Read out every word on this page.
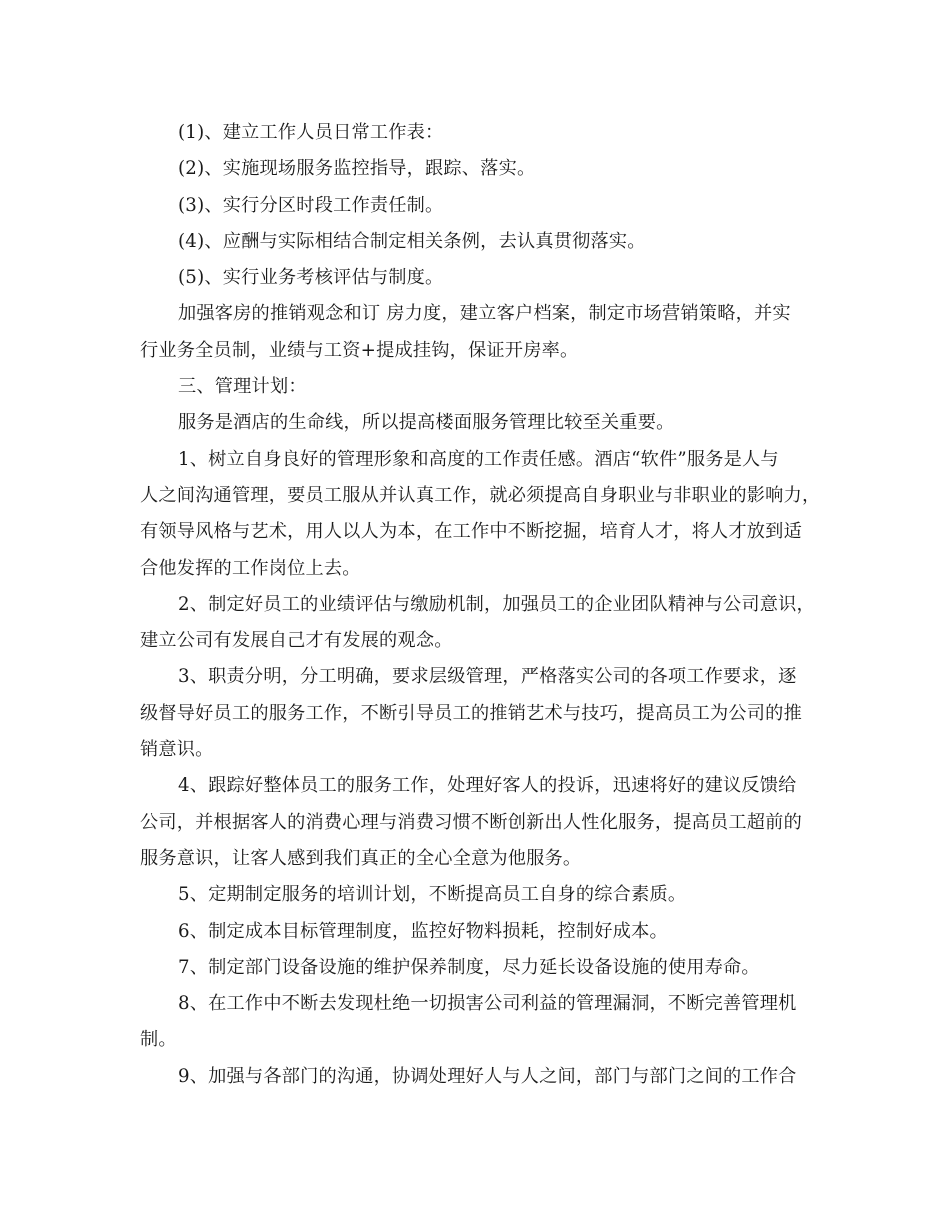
(1)、建立工作人员日常工作表：
(2)、实施现场服务监控指导，跟踪、落实。
(3)、实行分区时段工作责任制。
(4)、应酬与实际相结合制定相关条例，去认真贯彻落实。
(5)、实行业务考核评估与制度。
加强客房的推销观念和订 房力度，建立客户档案，制定市场营销策略，并实
行业务全员制，业绩与工资+提成挂钩，保证开房率。
三、管理计划：
服务是酒店的生命线，所以提高楼面服务管理比较至关重要。
1、树立自身良好的管理形象和高度的工作责任感。酒店“软件”服务是人与
人之间沟通管理，要员工服从并认真工作，就必须提高自身职业与非职业的影响力，
有领导风格与艺术，用人以人为本，在工作中不断挖掘，培育人才，将人才放到适
合他发挥的工作岗位上去。
2、制定好员工的业绩评估与缴励机制，加强员工的企业团队精神与公司意识，
建立公司有发展自己才有发展的观念。
3、职责分明，分工明确，要求层级管理，严格落实公司的各项工作要求，逐
级督导好员工的服务工作，不断引导员工的推销艺术与技巧，提高员工为公司的推
销意识。
4、跟踪好整体员工的服务工作，处理好客人的投诉，迅速将好的建议反馈给
公司，并根据客人的消费心理与消费习惯不断创新出人性化服务，提高员工超前的
服务意识，让客人感到我们真正的全心全意为他服务。
5、定期制定服务的培训计划，不断提高员工自身的综合素质。
6、制定成本目标管理制度，监控好物料损耗，控制好成本。
7、制定部门设备设施的维护保养制度，尽力延长设备设施的使用寿命。
8、在工作中不断去发现杜绝一切损害公司利益的管理漏洞，不断完善管理机
制。
9、加强与各部门的沟通，协调处理好人与人之间，部门与部门之间的工作合
